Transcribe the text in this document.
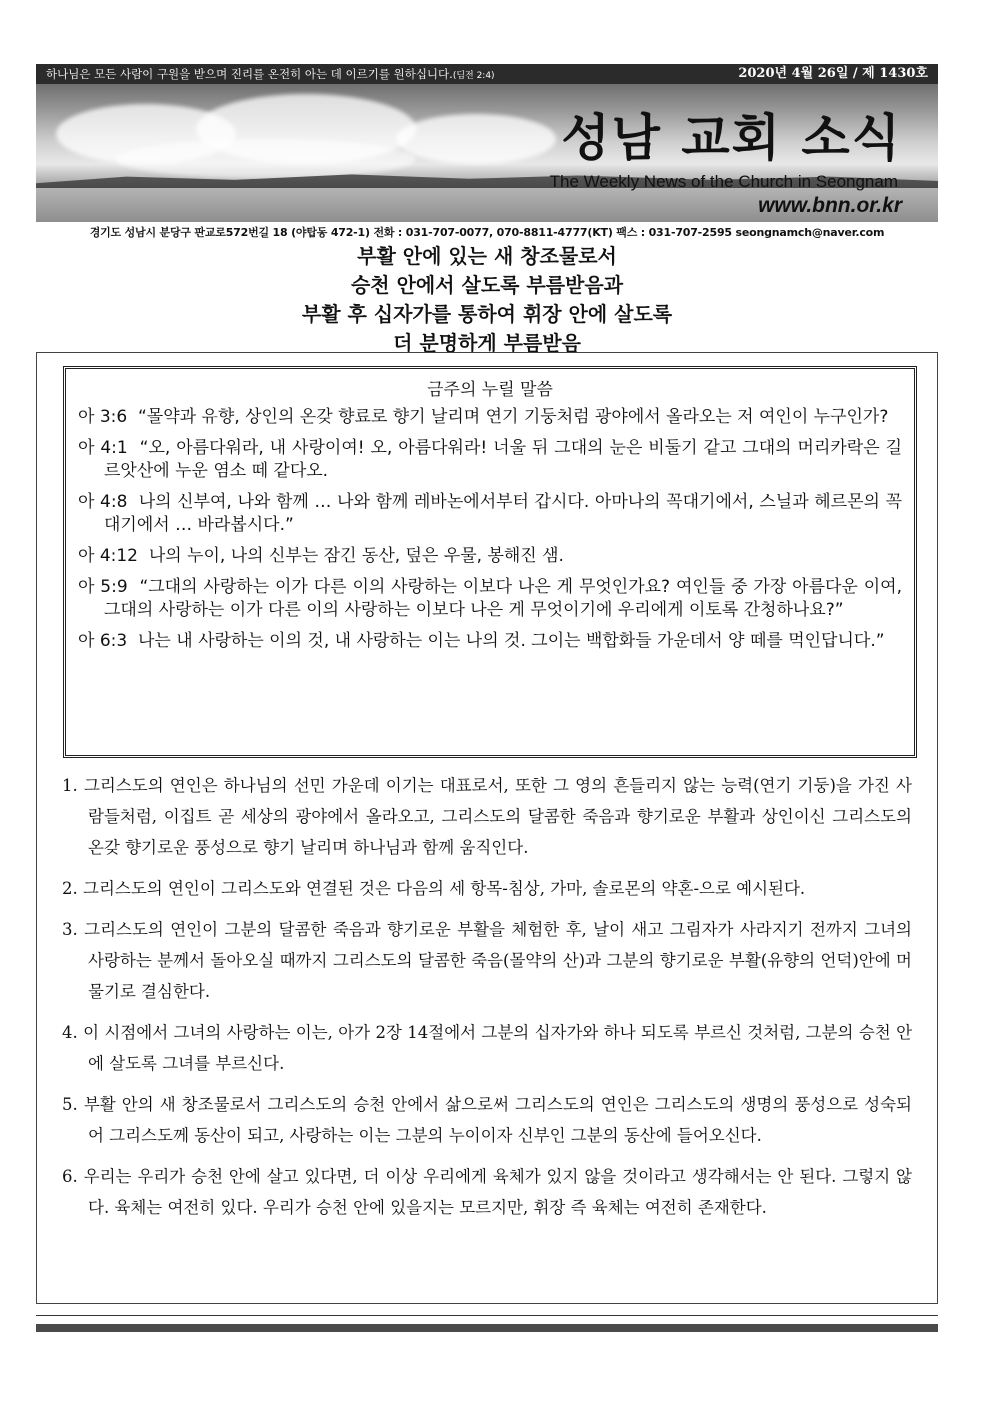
하나님은 모든 사람이 구원을 받으며 진리를 온전히 아는 데 이르기를 원하십니다.(딤전 2:4)	2020년 4월 26일 / 제 1430호
성남 교회 소식
The Weekly News of the Church in Seongnam
www.bnn.or.kr
경기도 성남시 분당구 판교로572번길 18 (야탑동 472-1) 전화 : 031-707-0077, 070-8811-4777(KT) 팩스 : 031-707-2595 seongnamch@naver.com
부활 안에 있는 새 창조물로서
승천 안에서 살도록 부름받음과
부활 후 십자가를 통하여 휘장 안에 살도록
더 분명하게 부름받음
금주의 누릴 말씀
아 3:6 “몰약과 유향, 상인의 온갖 향료로 향기 날리며 연기 기둥처럼 광야에서 올라오는 저 여인이 누구인가?
아 4:1 “오, 아름다워라, 내 사랑이여! 오, 아름다워라! 너울 뒤 그대의 눈은 비둘기 같고 그대의 머리카락은 길르앗산에 누운 염소 떼 같다오.
아 4:8 나의 신부여, 나와 함께 … 나와 함께 레바논에서부터 갑시다. 아마나의 꼭대기에서, 스닐과 헤르몬의 꼭대기에서 … 바라봅시다.”
아 4:12 나의 누이, 나의 신부는 잠긴 동산, 덮은 우물, 봉해진 샘.
아 5:9 “그대의 사랑하는 이가 다른 이의 사랑하는 이보다 나은 게 무엇인가요? 여인들 중 가장 아름다운 이여, 그대의 사랑하는 이가 다른 이의 사랑하는 이보다 나은 게 무엇이기에 우리에게 이토록 간청하나요?”
아 6:3 나는 내 사랑하는 이의 것, 내 사랑하는 이는 나의 것. 그이는 백합화들 가운데서 양 떼를 먹인답니다.”
1. 그리스도의 연인은 하나님의 선민 가운데 이기는 대표로서, 또한 그 영의 흔들리지 않는 능력(연기 기둥)을 가진 사람들처럼, 이집트 곧 세상의 광야에서 올라오고, 그리스도의 달콤한 죽음과 향기로운 부활과 상인이신 그리스도의 온갖 향기로운 풍성으로 향기 날리며 하나님과 함께 움직인다.
2. 그리스도의 연인이 그리스도와 연결된 것은 다음의 세 항목-침상, 가마, 솔로몬의 약혼-으로 예시된다.
3. 그리스도의 연인이 그분의 달콤한 죽음과 향기로운 부활을 체험한 후, 날이 새고 그림자가 사라지기 전까지 그녀의 사랑하는 분께서 돌아오실 때까지 그리스도의 달콤한 죽음(몰약의 산)과 그분의 향기로운 부활(유향의 언덕)안에 머물기로 결심한다.
4. 이 시점에서 그녀의 사랑하는 이는, 아가 2장 14절에서 그분의 십자가와 하나 되도록 부르신 것처럼, 그분의 승천 안에 살도록 그녀를 부르신다.
5. 부활 안의 새 창조물로서 그리스도의 승천 안에서 삶으로써 그리스도의 연인은 그리스도의 생명의 풍성으로 성숙되어 그리스도께 동산이 되고, 사랑하는 이는 그분의 누이이자 신부인 그분의 동산에 들어오신다.
6. 우리는 우리가 승천 안에 살고 있다면, 더 이상 우리에게 육체가 있지 않을 것이라고 생각해서는 안 된다. 그렇지 않다. 육체는 여전히 있다. 우리가 승천 안에 있을지는 모르지만, 휘장 즉 육체는 여전히 존재한다.
